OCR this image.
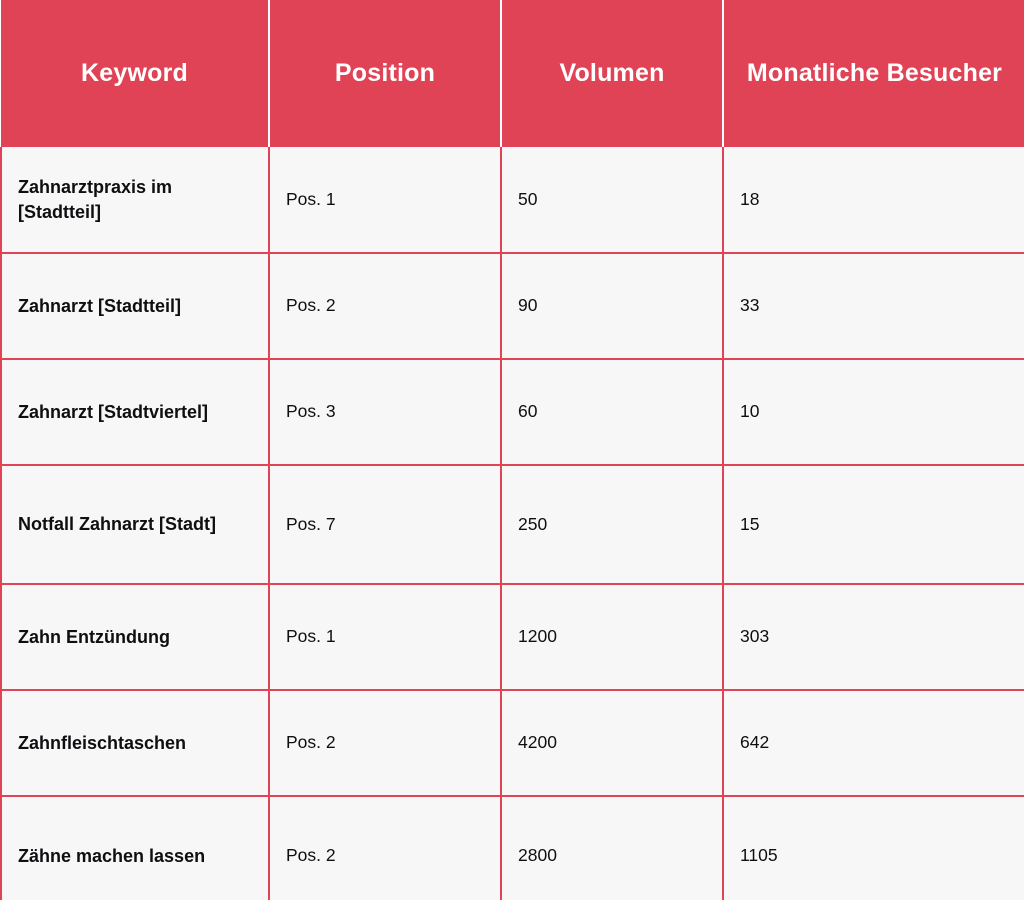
Keyword	Position	Volumen	Monatliche Besucher
Zahnarztpraxis im [Stadtteil]	Pos. 1	50	18
Zahnarzt [Stadtteil]	Pos. 2	90	33
Zahnarzt [Stadtviertel]	Pos. 3	60	10
Notfall Zahnarzt [Stadt]	Pos. 7	250	15
Zahn Entzündung	Pos. 1	1200	303
Zahnfleischtaschen	Pos. 2	4200	642
Zähne machen lassen	Pos. 2	2800	1105
